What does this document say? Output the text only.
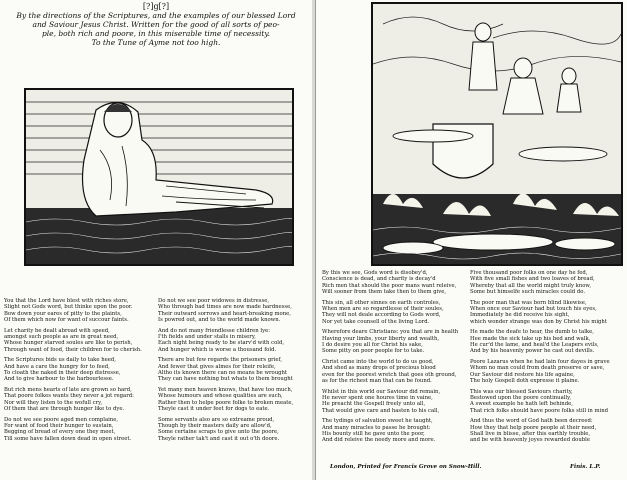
[?]g[?]
By the directions of the Scriptures, and the examples of our blessed Lord
and Saviour Jesus Christ. Written for the good of all sorts of peo-
ple, both rich and poore, in this miserable time of necessity.
To the Tune of Ayme not too high.

You that the Lord have blest with riches store,
Slight not Gods word, but thinke upon the poor.
Bow down your eares of pitty to the plaints,
Of them which now for want of succour faints.

Let charity be dealt abroad with speed,
amongst such people as are in great need,
Whose hunger starved soules are like to perish,
Through want of food, their children for to cherish.

The Scriptures bids us daily to take heed,
And have a care the hungry for to feed,
To cloath the naked in their deep distresse,
And to give harbour to the harbourlesse.

But rich mens hearts of late are grown so hard,
That poore folkes wants they never a jot regard:
Nor will they listen to the wofull cry,
Of them that are through hunger like to dye.

Do not we see poore aged men complaine,
For want of food their hunger to sustain,
Begging of bread of every one they meet,
Till some have fallen down dead in open street.

Do not we see poor widowes in distresse,
Who through bad times are now made hardnesse,
Their outward sorrows and heart-breaking mone,
Is powred out, and to the world made known.

And do not many friendlesse children lye:
I'th fields and under stalls in misery,
Each night being ready to be starv'd with cold,
And hunger which is worse a thousand fold.

There are but few regards the prisoners grief,
And fewer that gives almes for their releife,
Altho its known there can no means be wrought
They can have nothing but whats to them brought

Yet many men heaven knows, that have too much,
Whose humours and whose qualities are such,
Rather then to helpe poore folke to broken meate,
Theyle cast it under feet for dogs to eate.

Some servants also are so extreame proud,
Though by their masters daily are allow'd,
Some certaine scraps to give unto the poore,
Theyle rather tak't and cast it out o'th doore.

By this we see, Gods word is disobey'd,
Conscience is dead, and charity is decay'd
Rich men that should the poor mans want releive,
Will sooner from them take then to them give,

This sin, all other sinnes on earth controles,
When men are so regardlesse of their soules,
They will not deale according to Gods word,
Nor yet take counsell of the living Lord.

Wherefore deare Christians: you that are in health
Having your limbs, your liberty and wealth,
I do desire you all for Christ his sake,
Some pitty on poor people for to take.

Christ came into the world to do us good,
And shed as many drops of precious blood
even for the poorest wretch that goes oth ground,
as for the richest man that can be found.

Whilst in this world our Saviour did remain,
He never spent one houres time in vaine,
He preacht the Gospell freely unto all,
That would give care and hasten to his call,

The tydings of salvation sweet he taught,
And many miracles to passe he brought:
His bounty still he gave unto the poor,
And did releive the needy more and more.

Five thousand poor folks on one day he fed,
With five small fishes and two loaves of bread,
Whereby that all the world might truly know,
Some but himselfe such miracles could do.

The poor man that was born blind likewise,
When once our Saviour had but touch his eyes,
Immediately he did receive his sight,
which wonder strange was don by Christ his might

He made the deafe to hear, the dumb to talke,
Hee made the sick take up his bed and walk,
He cur'd the lame, and heal'd the Leapers evils,
And by his heavenly power he cast out devills.

Poore Lazarus when he had lain four dayes in grave
Whom no man could from death preserve or save,
Our Saviour did restore his life againe,
The holy Gospell doth expresse it plaine.

This was our blessed Saviours charity,
Bestowed upon the poore continually,
A sweet example he hath left behinde,
That rich folks should have poore folks still in mind

And thus the word of God hath been decreed:
How they that help poore people at their need,
Shall live in blisse, after this earthly trouble,
and be with heavenly joyes rewarded double

London, Printed for Francis Grove on Snow-Hill.	Finis. L.P.
